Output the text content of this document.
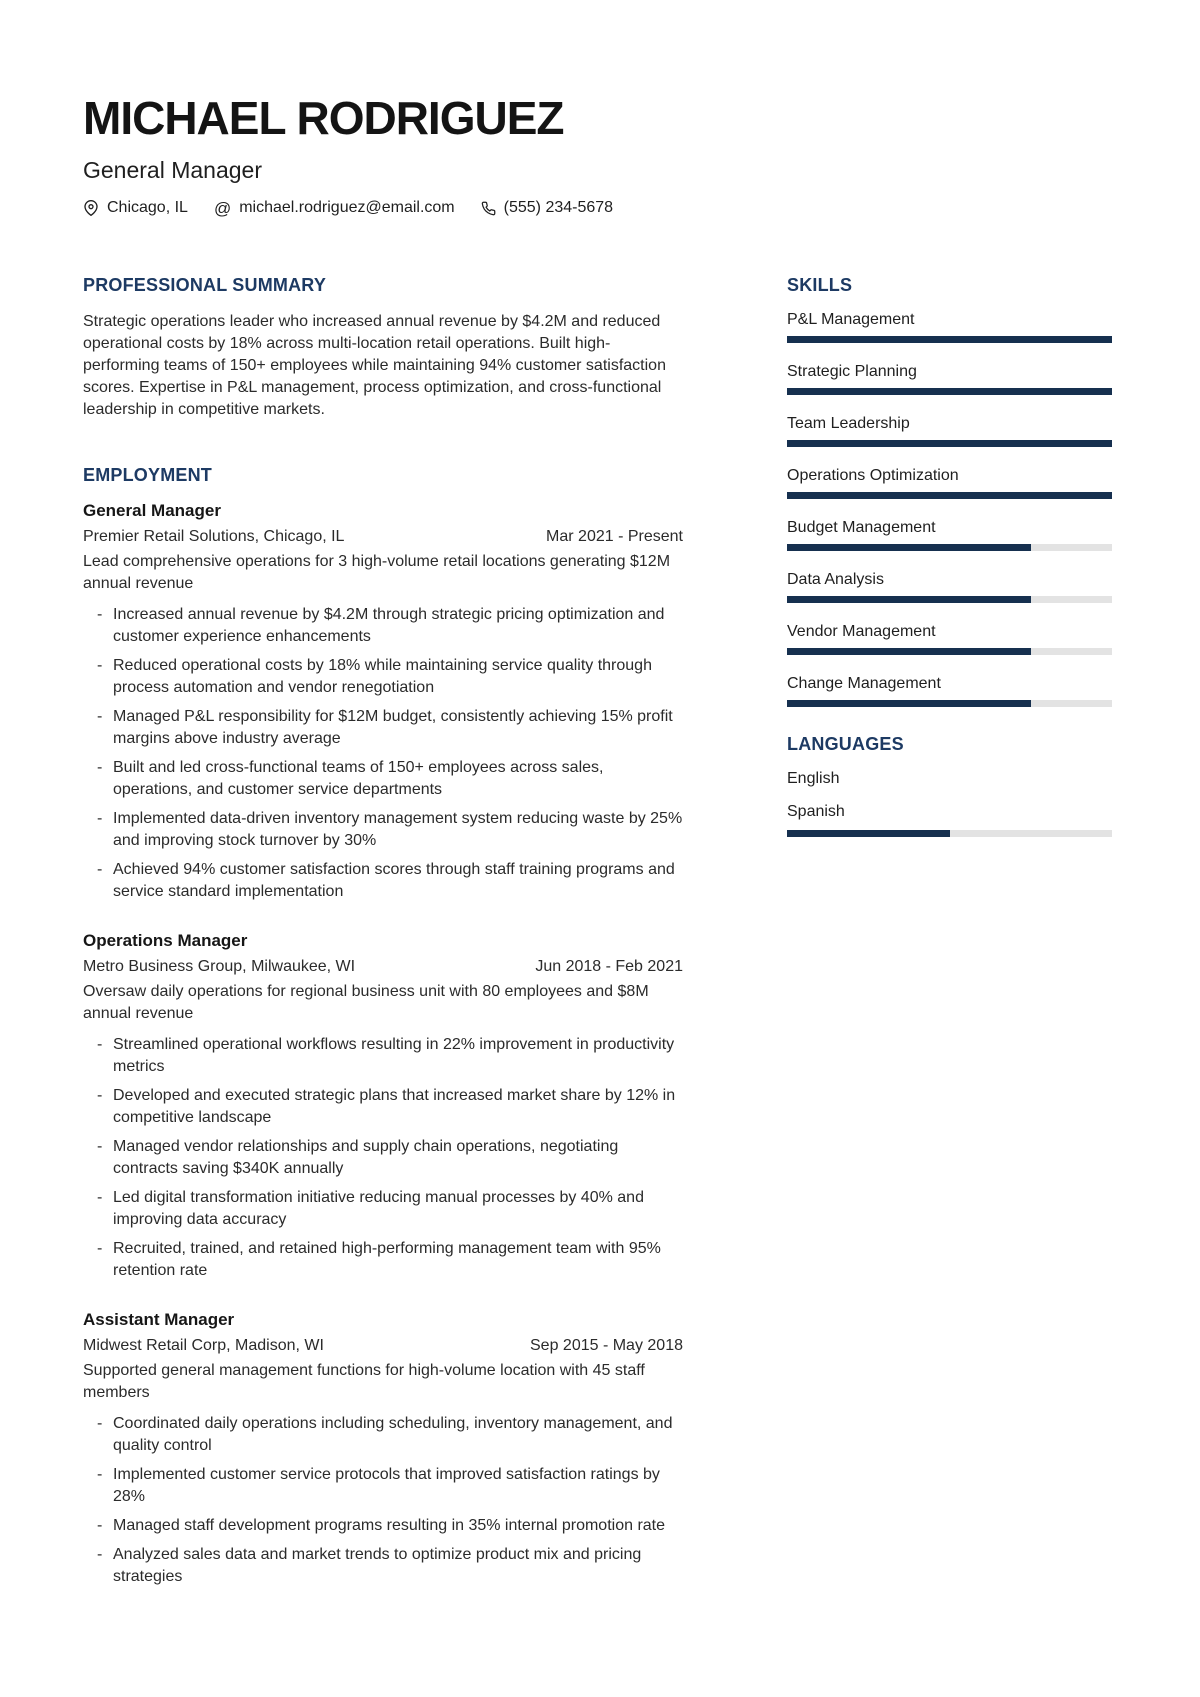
MICHAEL RODRIGUEZ
General Manager
Chicago, IL @ michael.rodriguez@email.com	(555) 234-5678
PROFESSIONAL SUMMARY

Strategic operations leader who increased annual revenue by $4.2M and reduced operational costs by 18% across multi-location retail operations. Built high-performing teams of 150+ employees while maintaining 94% customer satisfaction scores. Expertise in P&L management, process optimization, and cross-functional leadership in competitive markets.

EMPLOYMENT
General Manager
Premier Retail Solutions, Chicago, IL	Mar 2021 - Present
Lead comprehensive operations for 3 high-volume retail locations generating $12M annual revenue
- Increased annual revenue by $4.2M through strategic pricing optimization and customer experience enhancements
- Reduced operational costs by 18% while maintaining service quality through process automation and vendor renegotiation
- Managed P&L responsibility for $12M budget, consistently achieving 15% profit margins above industry average
- Built and led cross-functional teams of 150+ employees across sales, operations, and customer service departments
- Implemented data-driven inventory management system reducing waste by 25% and improving stock turnover by 30%
- Achieved 94% customer satisfaction scores through staff training programs and service standard implementation
Operations Manager
Metro Business Group, Milwaukee, WI	Jun 2018 - Feb 2021
Oversaw daily operations for regional business unit with 80 employees and $8M annual revenue
- Streamlined operational workflows resulting in 22% improvement in productivity metrics
- Developed and executed strategic plans that increased market share by 12% in competitive landscape
- Managed vendor relationships and supply chain operations, negotiating contracts saving $340K annually
- Led digital transformation initiative reducing manual processes by 40% and improving data accuracy
- Recruited, trained, and retained high-performing management team with 95% retention rate
Assistant Manager
Midwest Retail Corp, Madison, WI	Sep 2015 - May 2018
Supported general management functions for high-volume location with 45 staff members
- Coordinated daily operations including scheduling, inventory management, and quality control
- Implemented customer service protocols that improved satisfaction ratings by 28%
- Managed staff development programs resulting in 35% internal promotion rate
- Analyzed sales data and market trends to optimize product mix and pricing strategies
SKILLS
P&L Management
Strategic Planning
Team Leadership
Operations Optimization
Budget Management
Data Analysis
Vendor Management
Change Management
LANGUAGES
English
Spanish
